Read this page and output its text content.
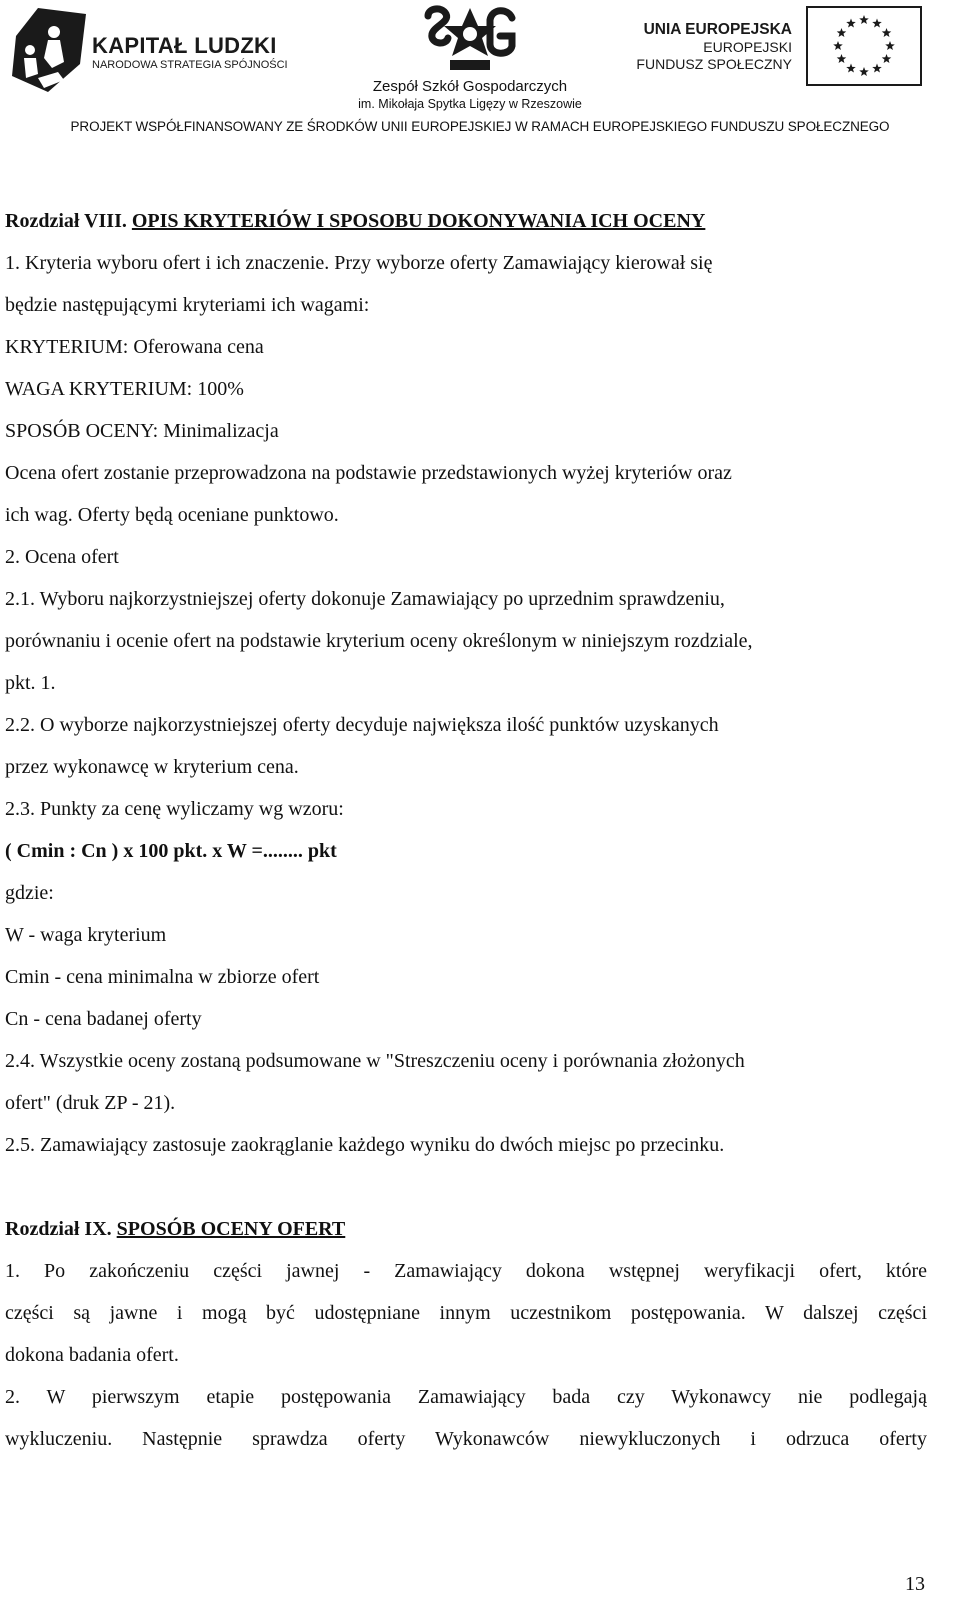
KAPITAŁ LUDZKI
NARODOWA STRATEGIA SPÓJNOŚCI
Zespół Szkół Gospodarczych
im. Mikołaja Spytka Ligęzy w Rzeszowie
UNIA EUROPEJSKA
EUROPEJSKI
FUNDUSZ SPOŁECZNY
PROJEKT WSPÓŁFINANSOWANY ZE ŚRODKÓW UNII EUROPEJSKIEJ W RAMACH EUROPEJSKIEGO FUNDUSZU SPOŁECZNEGO
Rozdział VIII. OPIS KRYTERIÓW I SPOSOBU DOKONYWANIA ICH OCENY
1. Kryteria wyboru ofert i ich znaczenie. Przy wyborze oferty Zamawiający kierował się
będzie następującymi kryteriami ich wagami:
KRYTERIUM: Oferowana cena
WAGA KRYTERIUM: 100%
SPOSÓB OCENY: Minimalizacja
Ocena ofert zostanie przeprowadzona na podstawie przedstawionych wyżej kryteriów oraz
ich wag. Oferty będą oceniane punktowo.
2. Ocena ofert
2.1. Wyboru najkorzystniejszej oferty dokonuje Zamawiający po uprzednim sprawdzeniu,
porównaniu i ocenie ofert na podstawie kryterium oceny określonym w niniejszym rozdziale,
pkt. 1.
2.2. O wyborze najkorzystniejszej oferty decyduje największa ilość punktów uzyskanych
przez wykonawcę w kryterium cena.
2.3. Punkty za cenę wyliczamy wg wzoru:
( Cmin : Cn ) x 100 pkt. x W =........ pkt
gdzie:
W - waga kryterium
Cmin - cena minimalna w zbiorze ofert
Cn - cena badanej oferty
2.4. Wszystkie oceny zostaną podsumowane w "Streszczeniu oceny i porównania złożonych
ofert" (druk ZP - 21).
2.5. Zamawiający zastosuje zaokrąglanie każdego wyniku do dwóch miejsc po przecinku.
Rozdział IX. SPOSÓB OCENY OFERT
1. Po zakończeniu części jawnej - Zamawiający dokona wstępnej weryfikacji ofert, które
części są jawne i mogą być udostępniane innym uczestnikom postępowania. W dalszej części
dokona badania ofert.
2. W pierwszym etapie postępowania Zamawiający bada czy Wykonawcy nie podlegają
wykluczeniu. Następnie sprawdza oferty Wykonawców niewykluczonych i odrzuca oferty
13
